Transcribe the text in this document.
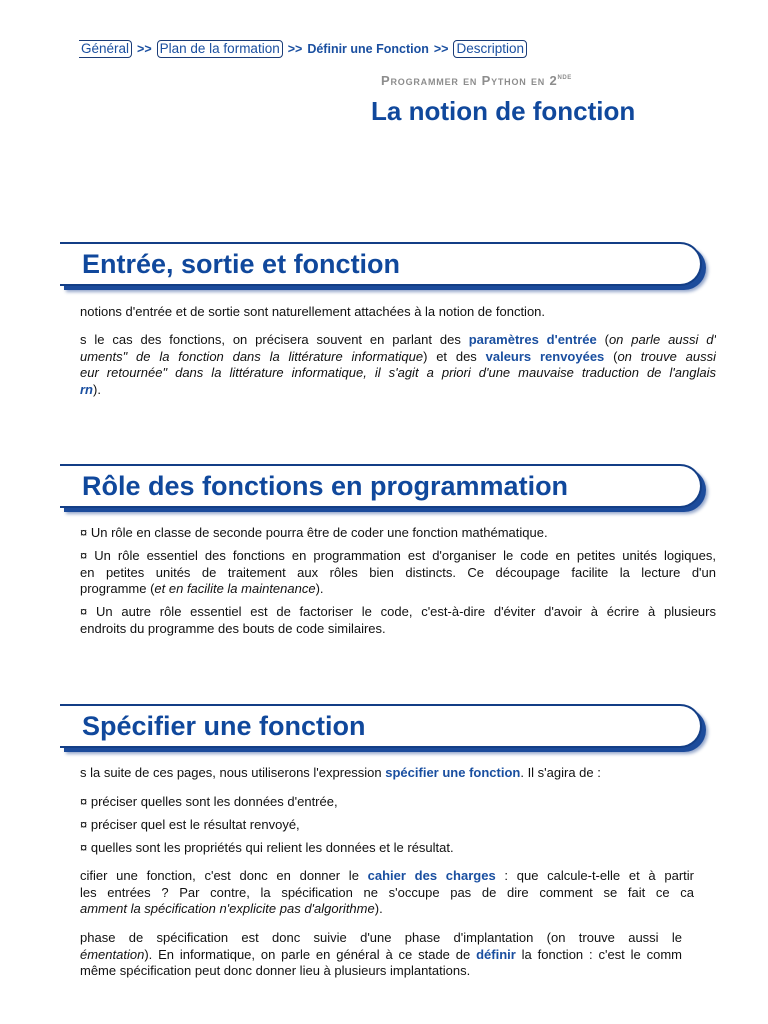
Général >> Plan de la formation >> Définir une Fonction >> Description
Programmer en Python en 2nde
La notion de fonction
Entrée, sortie et fonction
notions d'entrée et de sortie sont naturellement attachées à la notion de fonction.
s le cas des fonctions, on précisera souvent en parlant des paramètres d'entrée (on parle aussi d'
uments" de la fonction dans la littérature informatique) et des valeurs renvoyées (on trouve aussi
eur retournée" dans la littérature informatique, il s'agit a priori d'une mauvaise traduction de l'anglais
rn).
Rôle des fonctions en programmation
¤ Un rôle en classe de seconde pourra être de coder une fonction mathématique.
¤ Un rôle essentiel des fonctions en programmation est d'organiser le code en petites unités logiques,
en petites unités de traitement aux rôles bien distincts. Ce découpage facilite la lecture d'un
programme (et en facilite la maintenance).
¤ Un autre rôle essentiel est de factoriser le code, c'est-à-dire d'éviter d'avoir à écrire à plusieurs
endroits du programme des bouts de code similaires.
Spécifier une fonction
s la suite de ces pages, nous utiliserons l'expression spécifier une fonction. Il s'agira de :
¤ préciser quelles sont les données d'entrée,
¤ préciser quel est le résultat renvoyé,
¤ quelles sont les propriétés qui relient les données et le résultat.
cifier une fonction, c'est donc en donner le cahier des charges : que calcule-t-elle et à partir
les entrées ? Par contre, la spécification ne s'occupe pas de dire comment se fait ce ca
amment la spécification n'explicite pas d'algorithme).
phase de spécification est donc suivie d'une phase d'implantation (on trouve aussi le
émentation). En informatique, on parle en général à ce stade de définir la fonction : c'est le comm
même spécification peut donc donner lieu à plusieurs implantations.
